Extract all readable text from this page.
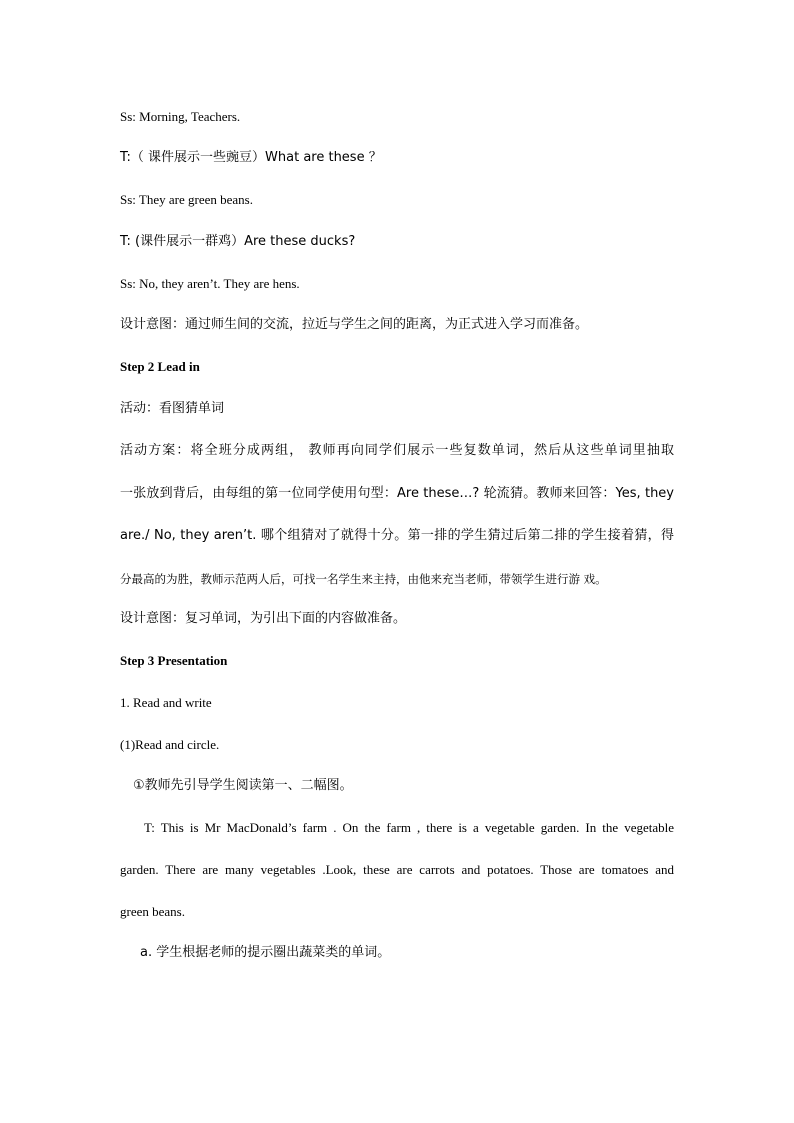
Ss: Morning, Teachers.
T:（ 课件展示一些豌豆）What are these ？
Ss: They are green beans.
T: (课件展示一群鸡）Are these ducks?
Ss: No, they aren’t. They are hens.
设计意图：通过师生间的交流，拉近与学生之间的距离，为正式进入学习而准备。
Step 2 Lead in
活动：看图猜单词
活动方案：将全班分成两组， 教师再向同学们展示一些复数单词，然后从这些单词里抽取
一张放到背后，由每组的第一位同学使用句型：Are these…? 轮流猜。教师来回答：Yes, they
are./ No, they aren’t. 哪个组猜对了就得十分。第一排的学生猜过后第二排的学生接着猜，得
分最高的为胜，教师示范两人后，可找一名学生来主持，由他来充当老师，带领学生进行游 戏。
设计意图：复习单词，为引出下面的内容做准备。
Step 3 Presentation
1. Read and write
(1)Read and circle.
①教师先引导学生阅读第一、二幅图。
T: This is Mr MacDonald’s farm . On the farm , there is a vegetable garden. In the vegetable
garden. There are many vegetables .Look, these are carrots and potatoes. Those are tomatoes and
green beans.
a. 学生根据老师的提示圈出蔬菜类的单词。
